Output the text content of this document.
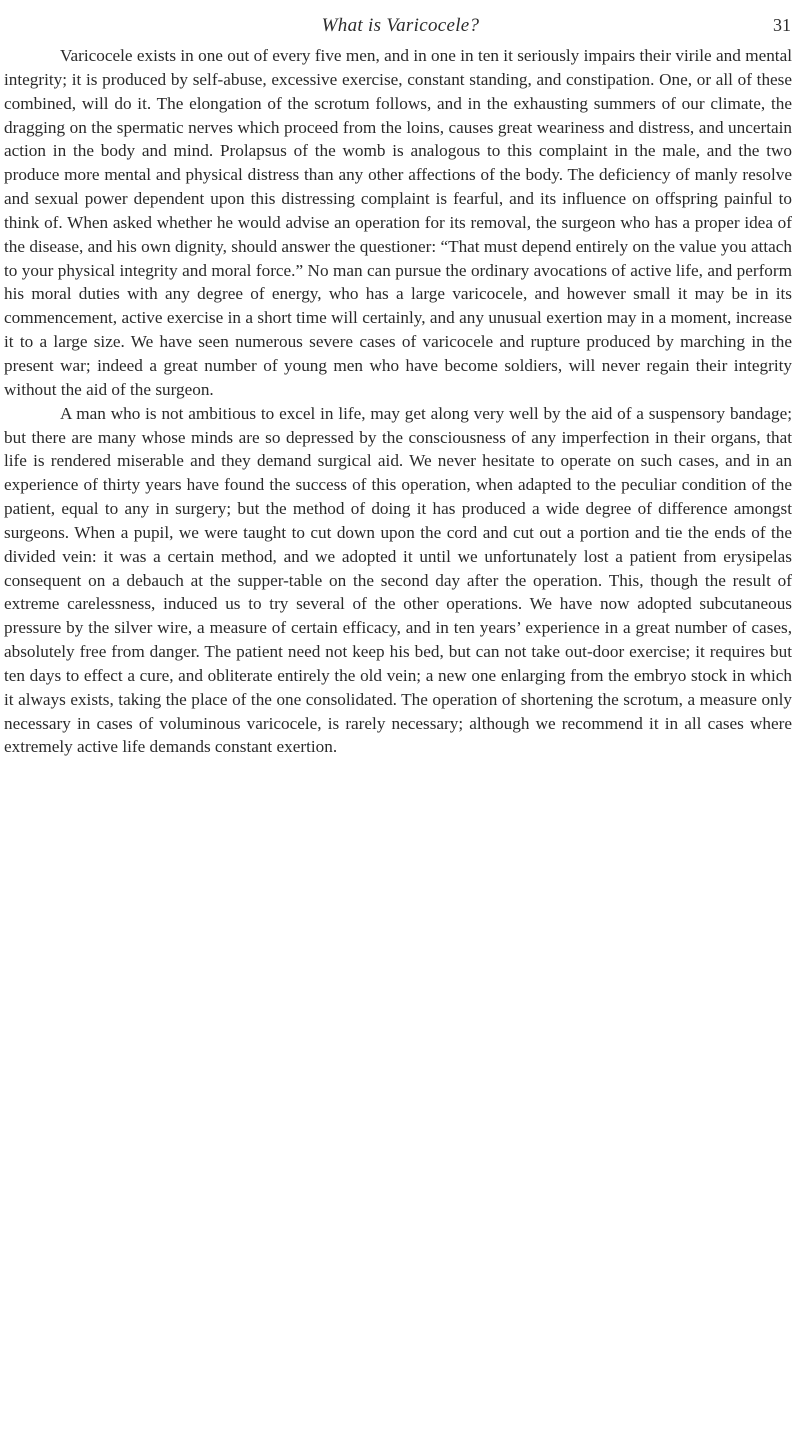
What is Varicocele?	31

Varicocele exists in one out of every five men, and in one in ten it seriously impairs their virile and mental integrity; it is produced by self-abuse, excessive exercise, constant standing, and constipation. One, or all of these combined, will do it. The elongation of the scrotum follows, and in the exhausting summers of our climate, the dragging on the spermatic nerves which proceed from the loins, causes great weariness and distress, and uncertain action in the body and mind. Prolapsus of the womb is analogous to this complaint in the male, and the two produce more mental and physical distress than any other affections of the body. The deficiency of manly resolve and sexual power dependent upon this distressing complaint is fearful, and its influence on offspring painful to think of. When asked whether he would advise an operation for its removal, the surgeon who has a proper idea of the disease, and his own dignity, should answer the questioner: “That must depend entirely on the value you attach to your physical integrity and moral force.” No man can pursue the ordinary avocations of active life, and perform his moral duties with any degree of energy, who has a large varicocele, and however small it may be in its commencement, active exercise in a short time will certainly, and any unusual exertion may in a moment, increase it to a large size. We have seen numerous severe cases of varicocele and rupture produced by marching in the present war; indeed a great number of young men who have become soldiers, will never regain their integrity without the aid of the surgeon.

A man who is not ambitious to excel in life, may get along very well by the aid of a suspensory bandage; but there are many whose minds are so depressed by the consciousness of any imperfection in their organs, that life is rendered miserable and they demand surgical aid. We never hesitate to operate on such cases, and in an experience of thirty years have found the success of this operation, when adapted to the peculiar condition of the patient, equal to any in surgery; but the method of doing it has produced a wide degree of difference amongst surgeons. When a pupil, we were taught to cut down upon the cord and cut out a portion and tie the ends of the divided vein: it was a certain method, and we adopted it until we unfortunately lost a patient from erysipelas consequent on a debauch at the supper-table on the second day after the operation. This, though the result of extreme carelessness, induced us to try several of the other operations. We have now adopted subcutaneous pressure by the silver wire, a measure of certain efficacy, and in ten years’ experience in a great number of cases, absolutely free from danger. The patient need not keep his bed, but can not take out-door exercise; it requires but ten days to effect a cure, and obliterate entirely the old vein; a new one enlarging from the embryo stock in which it always exists, taking the place of the one consolidated. The operation of shortening the scrotum, a measure only necessary in cases of voluminous varicocele, is rarely necessary; although we recommend it in all cases where extremely active life demands constant exertion.
